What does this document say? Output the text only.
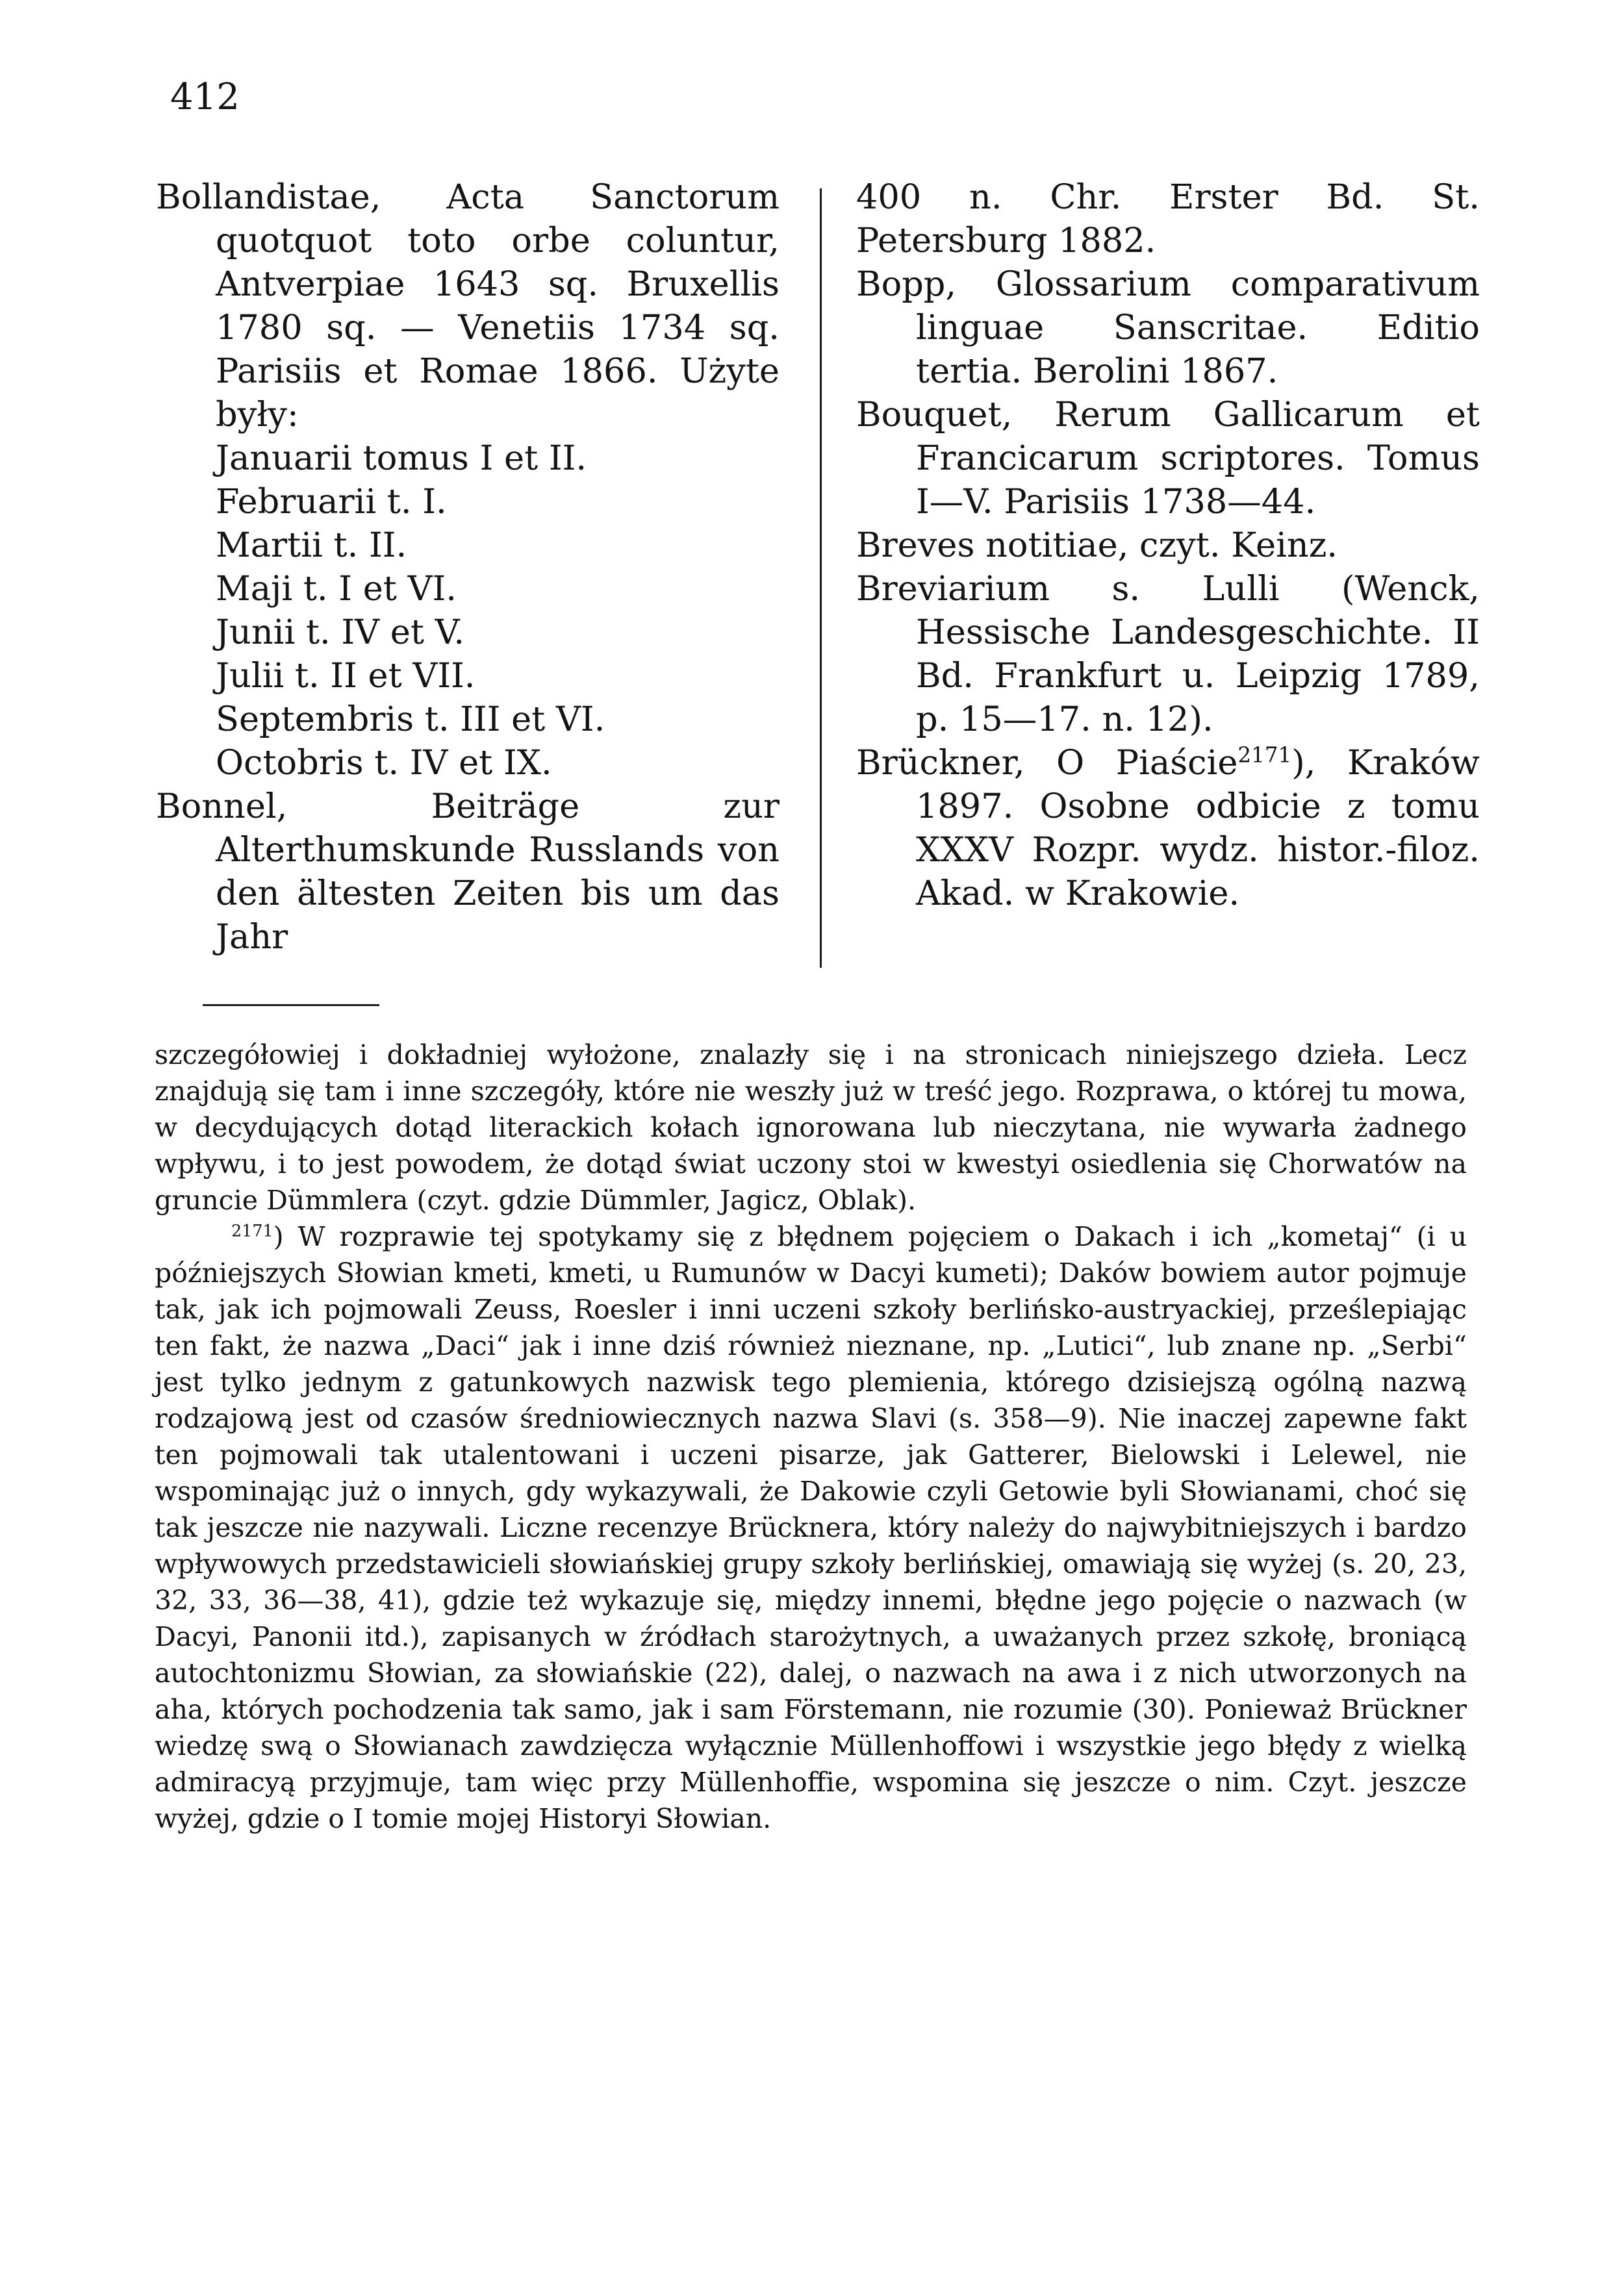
412

Bollandistae, Acta Sanctorum quotquot toto orbe coluntur, Antverpiae 1643 sq. Bruxellis 1780 sq. — Venetiis 1734 sq. Parisiis et Romae 1866. Użyte były:

Januarii tomus I et II.
Februarii t. I.
Martii t. II.
Maji t. I et VI.
Junii t. IV et V.
Julii t. II et VII.
Septembris t. III et VI.
Octobris t. IV et IX.

Bonnel, Beiträge zur Alterthumskunde Russlands von den ältesten Zeiten bis um das Jahr

400 n. Chr. Erster Bd. St. Petersburg 1882.

Bopp, Glossarium comparativum linguae Sanscritae. Editio tertia. Berolini 1867.

Bouquet, Rerum Gallicarum et Francicarum scriptores. Tomus I—V. Parisiis 1738—44.

Breves notitiae, czyt. Keinz.

Breviarium s. Lulli (Wenck, Hessische Landesgeschichte. II Bd. Frankfurt u. Leipzig 1789, p. 15—17. n. 12).

Brückner, O Piaście$^{2171}$), Kraków 1897. Osobne odbicie z tomu XXXV Rozpr. wydz. histor.-filoz. Akad. w Krakowie.

szczegółowiej i dokładniej wyłożone, znalazły się i na stronicach niniejszego dzieła. Lecz znajdują się tam i inne szczegóły, które nie weszły już w treść jego. Rozprawa, o której tu mowa, w decydujących dotąd literackich kołach ignorowana lub nieczytana, nie wywarła żadnego wpływu, i to jest powodem, że dotąd świat uczony stoi w kwestyi osiedlenia się Chorwatów na gruncie Dümmlera (czyt. gdzie Dümmler, Jagicz, Oblak).

$^{2171}$) W rozprawie tej spotykamy się z błędnem pojęciem o Dakach i ich „kometaj“ (i u późniejszych Słowian kmeti, kmeti, u Rumunów w Dacyi kumeti); Daków bowiem autor pojmuje tak, jak ich pojmowali Zeuss, Roesler i inni uczeni szkoły berlińsko-austryackiej, prześlepiając ten fakt, że nazwa „Daci“ jak i inne dziś również nieznane, np. „Lutici“, lub znane np. „Serbi“ jest tylko jednym z gatunkowych nazwisk tego plemienia, którego dzisiejszą ogólną nazwą rodzajową jest od czasów średniowiecznych nazwa Slavi (s. 358—9). Nie inaczej zapewne fakt ten pojmowali tak utalentowani i uczeni pisarze, jak Gatterer, Bielowski i Lelewel, nie wspominając już o innych, gdy wykazywali, że Dakowie czyli Getowie byli Słowianami, choć się tak jeszcze nie nazywali. Liczne recenzye Brücknera, który należy do najwybitniejszych i bardzo wpływowych przedstawicieli słowiańskiej grupy szkoły berlińskiej, omawiają się wyżej (s. 20, 23, 32, 33, 36—38, 41), gdzie też wykazuje się, między innemi, błędne jego pojęcie o nazwach (w Dacyi, Panonii itd.), zapisanych w źródłach starożytnych, a uważanych przez szkołę, broniącą autochtonizmu Słowian, za słowiańskie (22), dalej, o nazwach na awa i z nich utworzonych na aha, których pochodzenia tak samo, jak i sam Förstemann, nie rozumie (30). Ponieważ Brückner wiedzę swą o Słowianach zawdzięcza wyłącznie Müllenhoffowi i wszystkie jego błędy z wielką admiracyą przyjmuje, tam więc przy Müllenhoffie, wspomina się jeszcze o nim. Czyt. jeszcze wyżej, gdzie o I tomie mojej Historyi Słowian.
